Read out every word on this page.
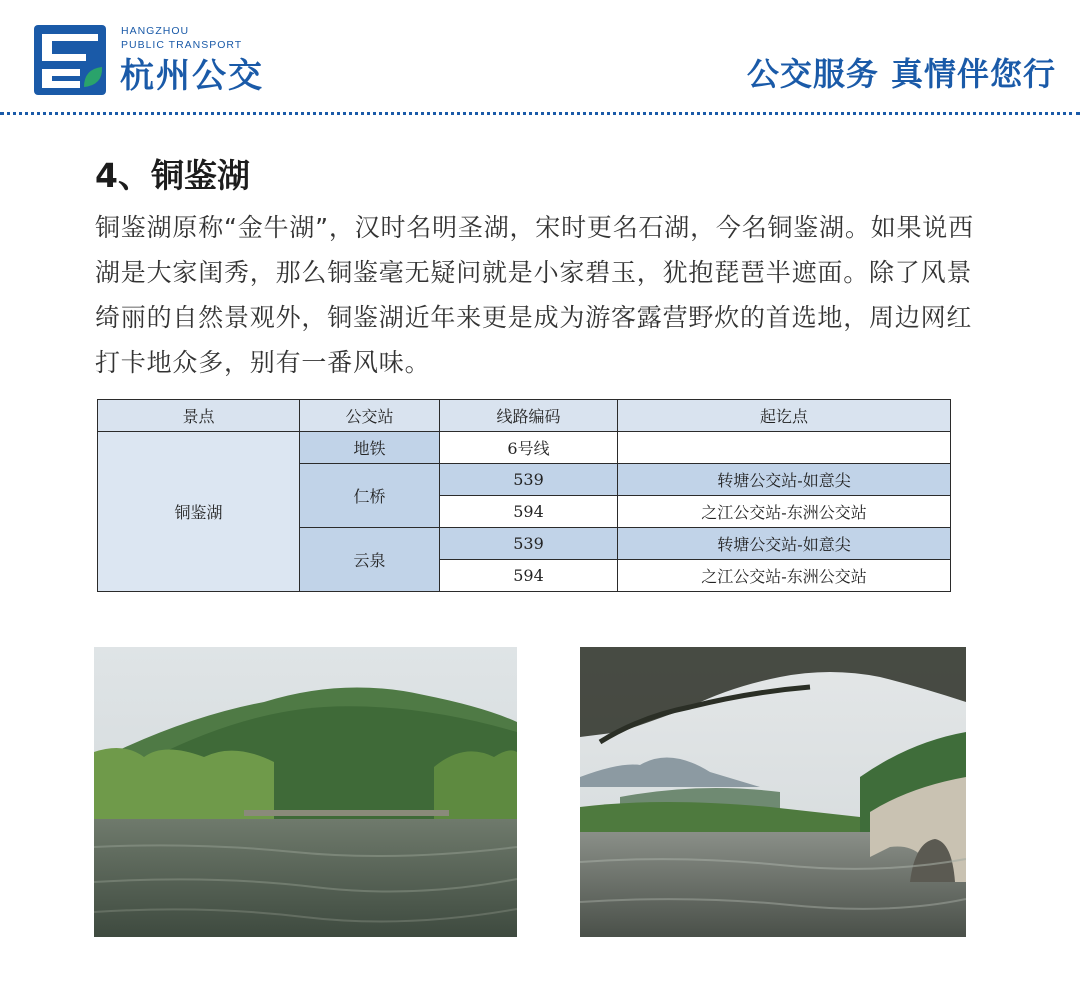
HANGZHOU
PUBLIC TRANSPORT
杭州公交	公交服务 真情伴您行
4、铜鉴湖
铜鉴湖原称“金牛湖”，汉时名明圣湖，宋时更名石湖，今名铜鉴湖。如果说西湖是大家闺秀，那么铜鉴毫无疑问就是小家碧玉，犹抱琵琶半遮面。除了风景绮丽的自然景观外，铜鉴湖近年来更是成为游客露营野炊的首选地，周边网红打卡地众多，别有一番风味。
景点	公交站	线路编码	起讫点
铜鉴湖	地铁	6号线	
	仁桥	539	转塘公交站-如意尖
		594	之江公交站-东洲公交站
	云泉	539	转塘公交站-如意尖
		594	之江公交站-东洲公交站
